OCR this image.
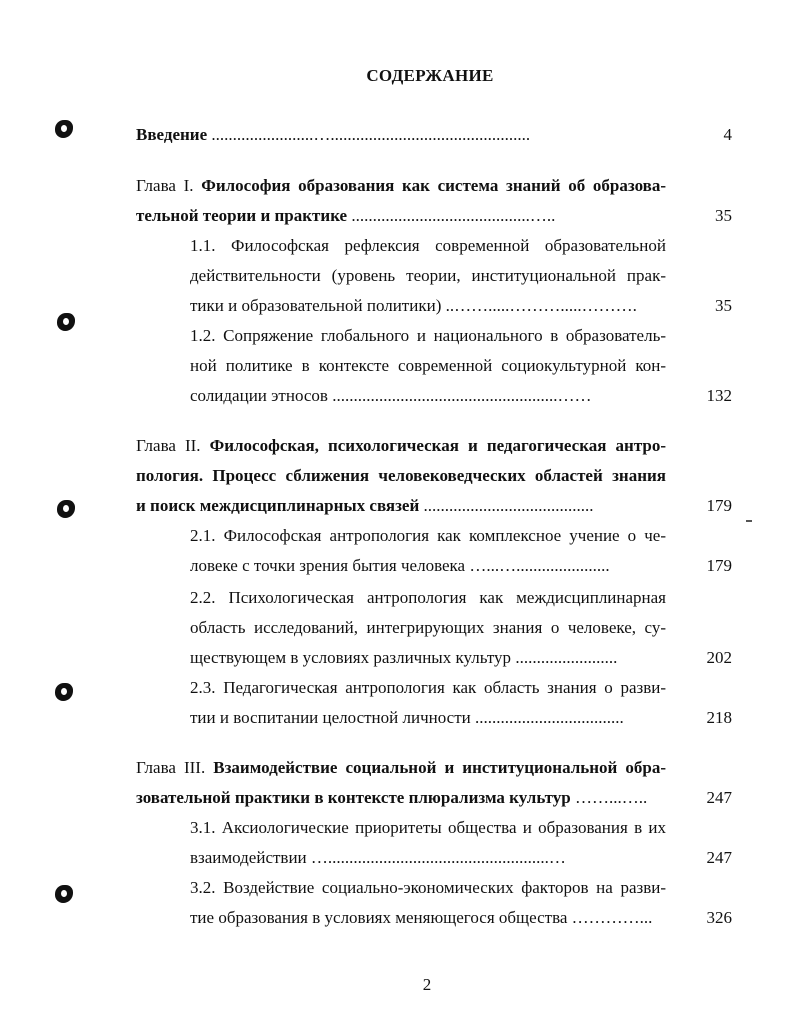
СОДЕРЖАНИЕ
Введение ........................…...............................................	4
Глава I. Философия образования как система знаний об образова-
тельной теории и практике ..........................................…..	35
1.1. Философская рефлексия современной образовательной
действительности (уровень теории, институциональной прак-
тики и образовательной политики) ..…….....……….....……….	35
1.2. Сопряжение глобального и национального в образователь-
ной политике в контексте современной социокультурной кон-
солидации этносов .....................................................……	132
Глава II. Философская, психологическая и педагогическая антро-
пология. Процесс сближения человековедческих областей знания
и поиск междисциплинарных связей ........................................	179
2.1. Философская антропология как комплексное учение о че-
ловеке с точки зрения бытия человека …...…......................	179
2.2. Психологическая антропология как междисциплинарная
область исследований, интегрирующих знания о человеке, су-
ществующем в условиях различных культур ........................	202
2.3. Педагогическая антропология как область знания о разви-
тии и воспитании целостной личности ...................................	218
Глава III. Взаимодействие социальной и институциональной обра-
зовательной практики в контексте плюрализма культур ……...…..	247
3.1. Аксиологические приоритеты общества и образования в их
взаимодействии …....................................................…	247
3.2. Воздействие социально-экономических факторов на разви-
тие образования в условиях меняющегося общества …………...	326
2
